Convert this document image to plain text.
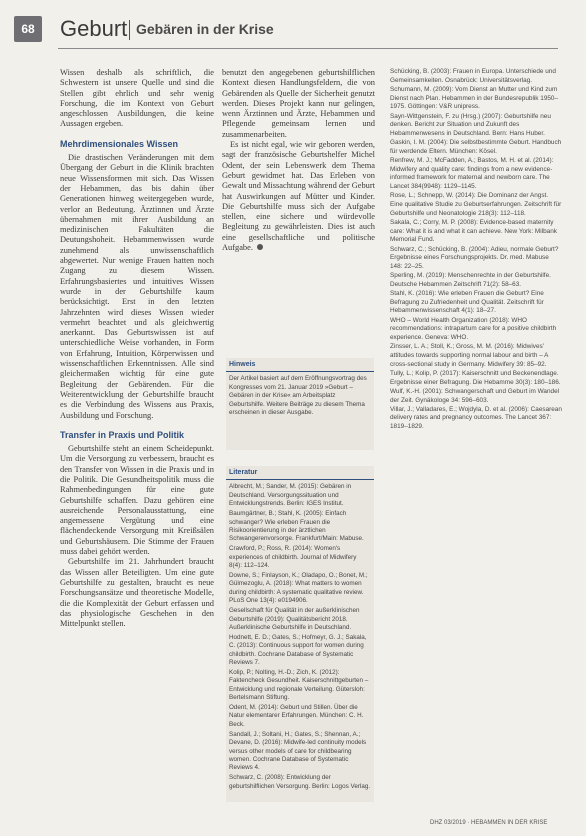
68	Geburt Gebären in der Krise

Wissen deshalb als schriftlich, die Schwestern ist unsere Quelle und sind die Stellen gibt ehrlich und sehr wenig Forschung, die im Kontext von Geburt angeschlossen Ausbildungen, die keine Aussagen ergeben.

Mehrdimensionales Wissen

Die drastischen Veränderungen mit dem Übergang der Geburt in die Klinik brachten neue Wissensformen mit sich. Das Wissen der Hebammen, das bis dahin über Generationen hinweg weitergegeben wurde, verlor an Bedeutung. Ärztinnen und Ärzte übernahmen mit ihrer Ausbildung an medizinischen Fakultäten die Deutungshoheit. Hebammenwissen wurde zunehmend als unwissenschaftlich abgewertet. Nur wenige Frauen hatten noch Zugang zu diesem Wissen. Erfahrungsbasiertes und intuitives Wissen wurde in der Geburtshilfe kaum berücksichtigt. Erst in den letzten Jahrzehnten wird dieses Wissen wieder vermehrt beachtet und als gleichwertig anerkannt. Das Geburtswissen ist auf unterschiedliche Weise vorhanden, in Form von Erfahrung, Intuition, Körperwissen und wissenschaftlichen Erkenntnissen. Alle sind gleichermaßen wichtig für eine gute Begleitung der Gebärenden. Für die Weiterentwicklung der Geburtshilfe braucht es die Verbindung des Wissens aus Praxis, Ausbildung und Forschung.

Transfer in Praxis und Politik

Geburtshilfe steht an einem Scheidepunkt. Um die Versorgung zu verbessern, braucht es den Transfer von Wissen in die Praxis und in die Politik. Die Gesundheitspolitik muss die Rahmenbedingungen für eine gute Geburtshilfe schaffen. Dazu gehören eine ausreichende Personalausstattung, eine angemessene Vergütung und eine flächendeckende Versorgung mit Kreißsälen und Geburtshäusern. Die Stimme der Frauen muss dabei gehört werden.

Geburtshilfe im 21. Jahrhundert braucht das Wissen aller Beteiligten. Um eine gute Geburtshilfe zu gestalten, braucht es neue Forschungsansätze und theoretische Modelle, die die Komplexität der Geburt erfassen und das physiologische Geschehen in den Mittelpunkt stellen.

benutzt den angegebenen geburtshilflichen Kontext diesen Handlungsfeldern, die von Gebärenden als Quelle der Sicherheit genutzt werden. Dieses Projekt kann nur gelingen, wenn Ärztinnen und Ärzte, Hebammen und Pflegende gemeinsam lernen und zusammenarbeiten.

Es ist nicht egal, wie wir geboren werden, sagt der französische Geburtshelfer Michel Odent, der sein Lebenswerk dem Thema Geburt gewidmet hat. Das Erleben von Gewalt und Missachtung während der Geburt hat Auswirkungen auf Mütter und Kinder. Die Geburtshilfe muss sich der Aufgabe stellen, eine sichere und würdevolle Begleitung zu gewährleisten. Dies ist auch eine gesellschaftliche und politische Aufgabe.

Hinweis
Der Artikel basiert auf dem Eröffnungsvortrag des Kongresses vom 21. Januar 2019 »Geburt – Gebären in der Krise« am Arbeitsplatz Geburtshilfe. Weitere Beiträge zu diesem Thema erscheinen in dieser Ausgabe.
Literatur
Albrecht, M.; Sander, M. (2015): Gebären in Deutschland. Versorgungssituation und Entwicklungstrends. Berlin: IGES Institut.
Baumgärtner, B.; Stahl, K. (2005): Einfach schwanger? Wie erleben Frauen die Risikoorientierung in der ärztlichen Schwangerenvorsorge. Frankfurt/Main: Mabuse.
Crawford, P.; Ross, R. (2014): Women's experiences of childbirth. Journal of Midwifery 8(4): 112–124.
Downe, S.; Finlayson, K.; Oladapo, O.; Bonet, M.; Gülmezoglu, A. (2018): What matters to women during childbirth: A systematic qualitative review. PLoS One 13(4): e0194906.
Gesellschaft für Qualität in der außerklinischen Geburtshilfe (2019): Qualitätsbericht 2018. Außerklinische Geburtshilfe in Deutschland.
Hodnett, E. D.; Gates, S.; Hofmeyr, G. J.; Sakala, C. (2013): Continuous support for women during childbirth. Cochrane Database of Systematic Reviews 7.
Kolip, P.; Nolting, H.-D.; Zich, K. (2012): Faktencheck Gesundheit. Kaiserschnittgeburten – Entwicklung und regionale Verteilung. Gütersloh: Bertelsmann Stiftung.
Odent, M. (2014): Geburt und Stillen. Über die Natur elementarer Erfahrungen. München: C. H. Beck.
Sandall, J.; Soltani, H.; Gates, S.; Shennan, A.; Devane, D. (2016): Midwife-led continuity models versus other models of care for childbearing women. Cochrane Database of Systematic Reviews 4.
Schwarz, C. (2008): Entwicklung der geburtshilflichen Versorgung. Berlin: Logos Verlag.
Schücking, B. (2003): Frauen in Europa. Unterschiede und Gemeinsamkeiten. Osnabrück: Universitätsverlag.
Schumann, M. (2009): Vom Dienst an Mutter und Kind zum Dienst nach Plan. Hebammen in der Bundesrepublik 1950–1975. Göttingen: V&R unipress.
Sayn-Wittgenstein, F. zu (Hrsg.) (2007): Geburtshilfe neu denken. Bericht zur Situation und Zukunft des Hebammenwesens in Deutschland. Bern: Hans Huber.
Gaskin, I. M. (2004): Die selbstbestimmte Geburt. Handbuch für werdende Eltern. München: Kösel.
Renfrew, M. J.; McFadden, A.; Bastos, M. H. et al. (2014): Midwifery and quality care: findings from a new evidence-informed framework for maternal and newborn care. The Lancet 384(9948): 1129–1145.
Rose, L.; Schnepp, W. (2014): Die Dominanz der Angst. Eine qualitative Studie zu Geburtserfahrungen. Zeitschrift für Geburtshilfe und Neonatologie 218(3): 112–118.
Sakala, C.; Corry, M. P. (2008): Evidence-based maternity care: What it is and what it can achieve. New York: Milbank Memorial Fund.
Schwarz, C.; Schücking, B. (2004): Adieu, normale Geburt? Ergebnisse eines Forschungsprojekts. Dr. med. Mabuse 148: 22–25.
Sperling, M. (2019): Menschenrechte in der Geburtshilfe. Deutsche Hebammen Zeitschrift 71(2): 58–63.
Stahl, K. (2016): Wie erleben Frauen die Geburt? Eine Befragung zu Zufriedenheit und Qualität. Zeitschrift für Hebammenwissenschaft 4(1): 18–27.
WHO – World Health Organization (2018): WHO recommendations: intrapartum care for a positive childbirth experience. Geneva: WHO.
Zinsser, L. A.; Stoll, K.; Gross, M. M. (2016): Midwives' attitudes towards supporting normal labour and birth – A cross-sectional study in Germany. Midwifery 39: 85–92.
Tully, L.; Kolip, P. (2017): Kaiserschnitt und Beckenendlage. Ergebnisse einer Befragung. Die Hebamme 30(3): 180–186.
Wulf, K.-H. (2001): Schwangerschaft und Geburt im Wandel der Zeit. Gynäkologe 34: 596–603.
Villar, J.; Valladares, E.; Wojdyla, D. et al. (2006): Caesarean delivery rates and pregnancy outcomes. The Lancet 367: 1819–1829.
DHZ 03/2019 · HEBAMMEN IN DER KRISE
